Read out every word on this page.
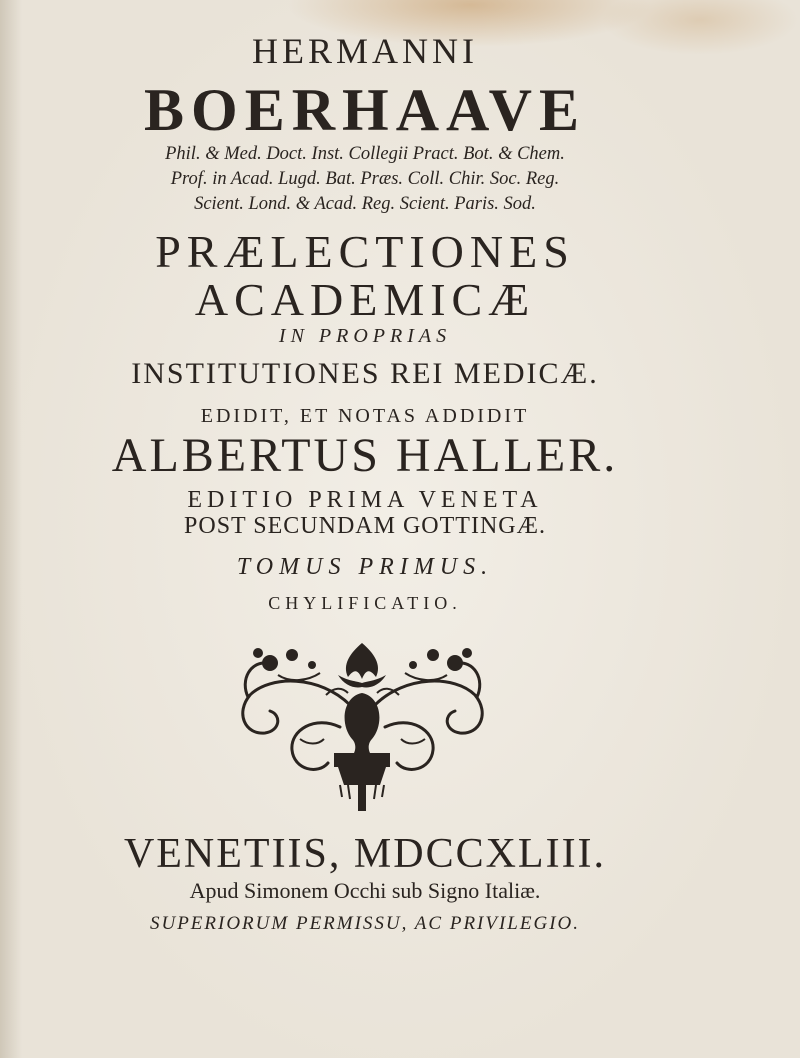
HERMANNI
BOERHAAVE
Phil. & Med. Doct. Inst. Collegii Pract. Bot. & Chem.
Prof. in Acad. Lugd. Bat. Præs. Coll. Chir. Soc. Reg.
Scient. Lond. & Acad. Reg. Scient. Paris. Sod.
PRÆLECTIONES
ACADEMICÆ
IN PROPRIAS
INSTITUTIONES REI MEDICÆ.
EDIDIT, ET NOTAS ADDIDIT
ALBERTUS HALLER.
EDITIO PRIMA VENETA
POST SECUNDAM GOTTINGÆ.
TOMUS PRIMUS.
CHYLIFICATIO.
VENETIIS, MDCCXLIII.
Apud Simonem Occhi sub Signo Italiæ.
SUPERIORUM PERMISSU, AC PRIVILEGIO.
